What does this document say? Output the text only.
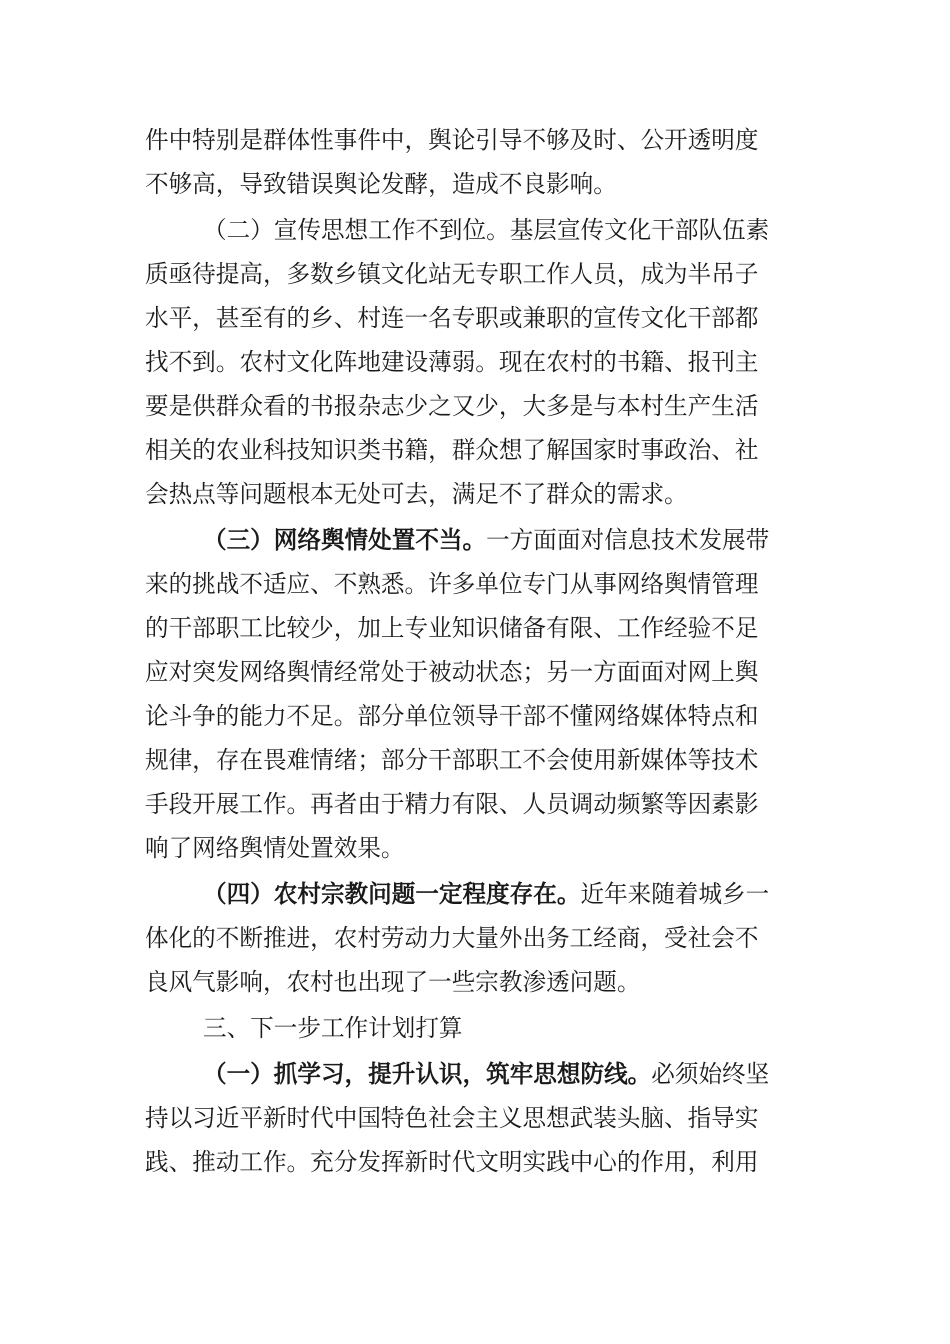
件中特别是群体性事件中，舆论引导不够及时、公开透明度
不够高，导致错误舆论发酵，造成不良影响。
（二）宣传思想工作不到位。基层宣传文化干部队伍素
质亟待提高，多数乡镇文化站无专职工作人员，成为半吊子
水平，甚至有的乡、村连一名专职或兼职的宣传文化干部都
找不到。农村文化阵地建设薄弱。现在农村的书籍、报刊主
要是供群众看的书报杂志少之又少，大多是与本村生产生活
相关的农业科技知识类书籍，群众想了解国家时事政治、社
会热点等问题根本无处可去，满足不了群众的需求。
（三）网络舆情处置不当。一方面面对信息技术发展带
来的挑战不适应、不熟悉。许多单位专门从事网络舆情管理
的干部职工比较少，加上专业知识储备有限、工作经验不足
应对突发网络舆情经常处于被动状态；另一方面面对网上舆
论斗争的能力不足。部分单位领导干部不懂网络媒体特点和
规律，存在畏难情绪；部分干部职工不会使用新媒体等技术
手段开展工作。再者由于精力有限、人员调动频繁等因素影
响了网络舆情处置效果。
（四）农村宗教问题一定程度存在。近年来随着城乡一
体化的不断推进，农村劳动力大量外出务工经商，受社会不
良风气影响，农村也出现了一些宗教渗透问题。
三、下一步工作计划打算
（一）抓学习，提升认识，筑牢思想防线。必须始终坚
持以习近平新时代中国特色社会主义思想武装头脑、指导实
践、推动工作。充分发挥新时代文明实践中心的作用，利用
